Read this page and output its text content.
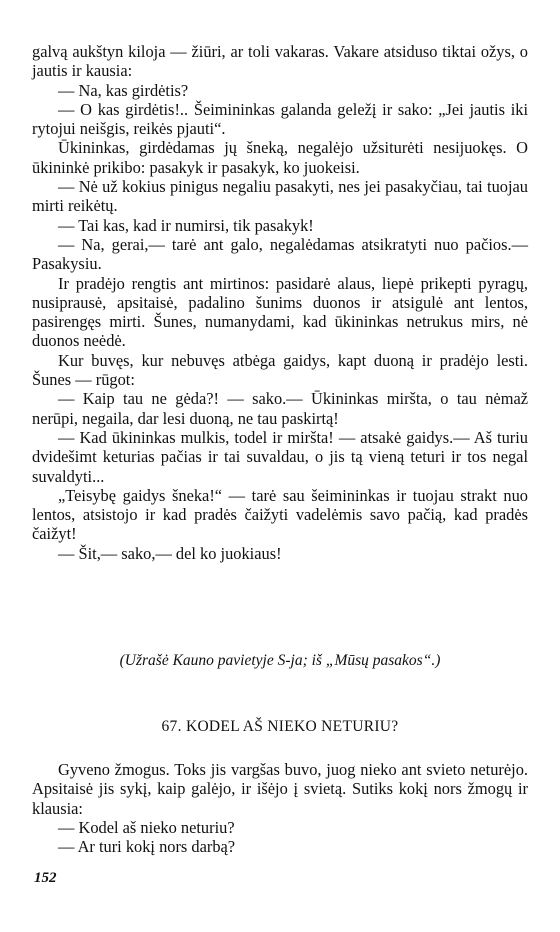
galvą aukštyn kiloja — žiūri, ar toli vakaras. Vakare atsiduso tiktai ožys, o jautis ir kausia:

— Na, kas girdėtis?

— O kas girdėtis!.. Šeimininkas galanda geležį ir sako: „Jei jautis iki rytojui neišgis, reikės pjauti“.

Ūkininkas, girdėdamas jų šneką, negalėjo užsiturėti nesijuokęs. O ūkininkė prikibo: pasakyk ir pasakyk, ko juokeisi.

— Nė už kokius pinigus negaliu pasakyti, nes jei pasakyčiau, tai tuojau mirti reikėtų.

— Tai kas, kad ir numirsi, tik pasakyk!

— Na, gerai,— tarė ant galo, negalėdamas atsikratyti nuo pačios.— Pasakysiu.

Ir pradėjo rengtis ant mirtinos: pasidarė alaus, liepė prikepti pyragų, nusiprausė, apsitaisė, padalino šunims duonos ir atsigulė ant lentos, pasirengęs mirti. Šunes, numanydami, kad ūkininkas netrukus mirs, nė duonos neėdė.

Kur buvęs, kur nebuvęs atbėga gaidys, kapt duoną ir pradėjo lesti. Šunes — rūgot:

— Kaip tau ne gėda?! — sako.— Ūkininkas miršta, o tau nėmaž nerūpi, negaila, dar lesi duoną, ne tau paskirtą!

— Kad ūkininkas mulkis, todel ir miršta! — atsakė gaidys.— Aš turiu dvidešimt keturias pačias ir tai suvaldau, o jis tą vieną teturi ir tos negal suvaldyti...

„Teisybę gaidys šneka!“ — tarė sau šeimininkas ir tuojau strakt nuo lentos, atsistojo ir kad pradės čaižyti vadelėmis savo pačią, kad pradės čaižyt!

— Šit,— sako,— del ko juokiaus!

(Užrašė Kauno pavietyje S-ja; iš „Mūsų pasakos“.)

67. KODEL AŠ NIEKO NETURIU?

Gyveno žmogus. Toks jis vargšas buvo, juog nieko ant svieto neturėjo. Apsitaisė jis sykį, kaip galėjo, ir išėjo į svietą. Sutiks kokį nors žmogų ir klausia:

— Kodel aš nieko neturiu?

— Ar turi kokį nors darbą?

152
